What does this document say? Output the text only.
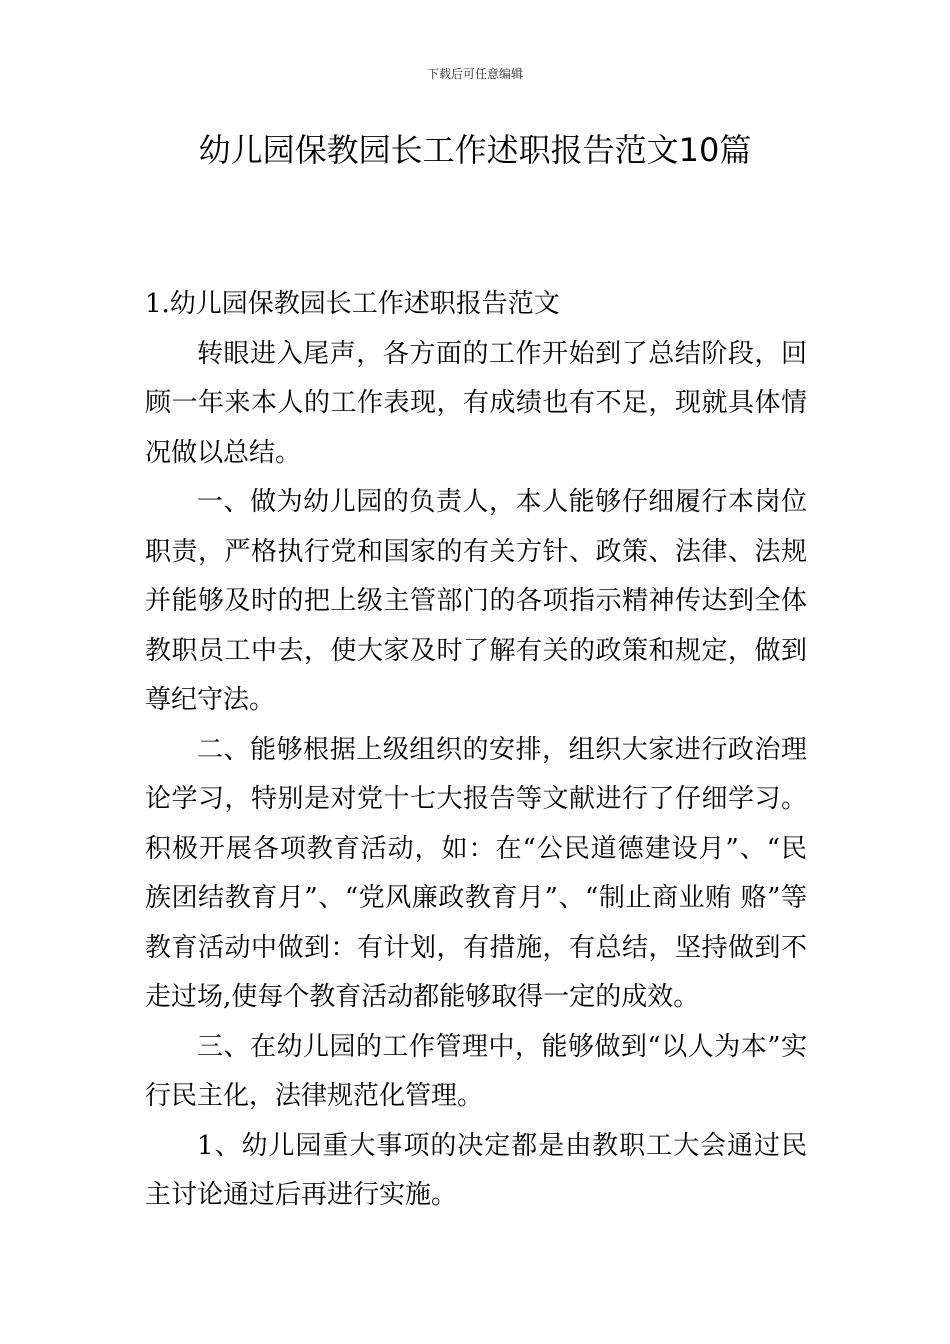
下载后可任意编辑
幼儿园保教园长工作述职报告范文10篇
1.幼儿园保教园长工作述职报告范文

转眼进入尾声，各方面的工作开始到了总结阶段，回顾一年来本人的工作表现，有成绩也有不足，现就具体情况做以总结。

一、做为幼儿园的负责人，本人能够仔细履行本岗位职责，严格执行党和国家的有关方针、政策、法律、法规并能够及时的把上级主管部门的各项指示精神传达到全体教职员工中去，使大家及时了解有关的政策和规定，做到尊纪守法。

二、能够根据上级组织的安排，组织大家进行政治理论学习，特别是对党十七大报告等文献进行了仔细学习。积极开展各项教育活动，如：在“公民道德建设月”、“民族团结教育月”、“党风廉政教育月”、“制止商业贿 赂”等教育活动中做到：有计划，有措施，有总结，坚持做到不走过场,使每个教育活动都能够取得一定的成效。

三、在幼儿园的工作管理中，能够做到“以人为本”实行民主化，法律规范化管理。

1、幼儿园重大事项的决定都是由教职工大会通过民主讨论通过后再进行实施。
